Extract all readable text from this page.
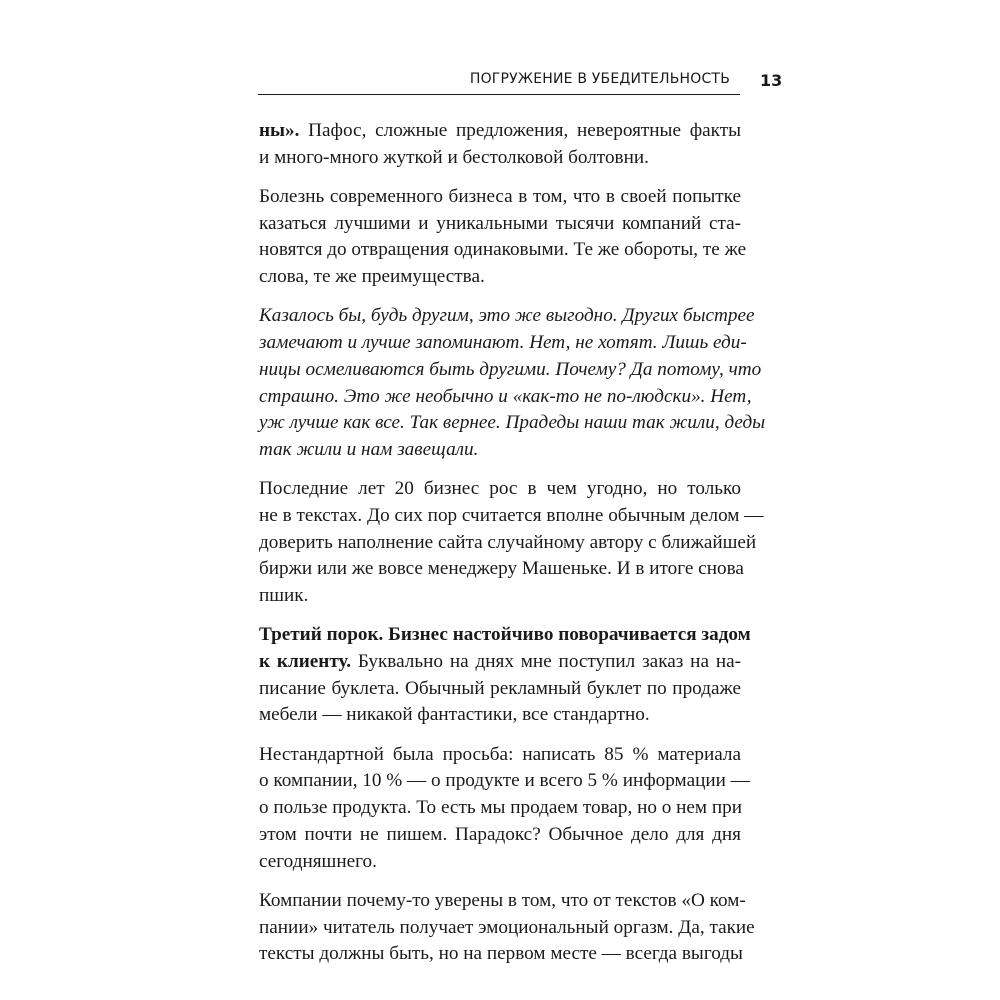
ПОГРУЖЕНИЕ В УБЕДИТЕЛЬНОСТЬ 13

ны». Пафос, сложные предложения, невероятные факты
и много-много жуткой и бестолковой болтовни.

Болезнь современного бизнеса в том, что в своей попытке
казаться лучшими и уникальными тысячи компаний ста-
новятся до отвращения одинаковыми. Те же обороты, те же
слова, те же преимущества.

Казалось бы, будь другим, это же выгодно. Других быстрее
замечают и лучше запоминают. Нет, не хотят. Лишь еди-
ницы осмеливаются быть другими. Почему? Да потому, что
страшно. Это же необычно и «как-то не по-людски». Нет,
уж лучше как все. Так вернее. Прадеды наши так жили, деды
так жили и нам завещали.

Последние лет 20 бизнес рос в чем угодно, но только
не в текстах. До сих пор считается вполне обычным делом —
доверить наполнение сайта случайному автору с ближайшей
биржи или же вовсе менеджеру Машеньке. И в итоге снова
пшик.

Третий порок. Бизнес настойчиво поворачивается задом
к клиенту. Буквально на днях мне поступил заказ на на-
писание буклета. Обычный рекламный буклет по продаже
мебели — никакой фантастики, все стандартно.

Нестандартной была просьба: написать 85 % материала
о компании, 10 % — о продукте и всего 5 % информации —
о пользе продукта. То есть мы продаем товар, но о нем при
этом почти не пишем. Парадокс? Обычное дело для дня
сегодняшнего.

Компании почему-то уверены в том, что от текстов «О ком-
пании» читатель получает эмоциональный оргазм. Да, такие
тексты должны быть, но на первом месте — всегда выгоды
